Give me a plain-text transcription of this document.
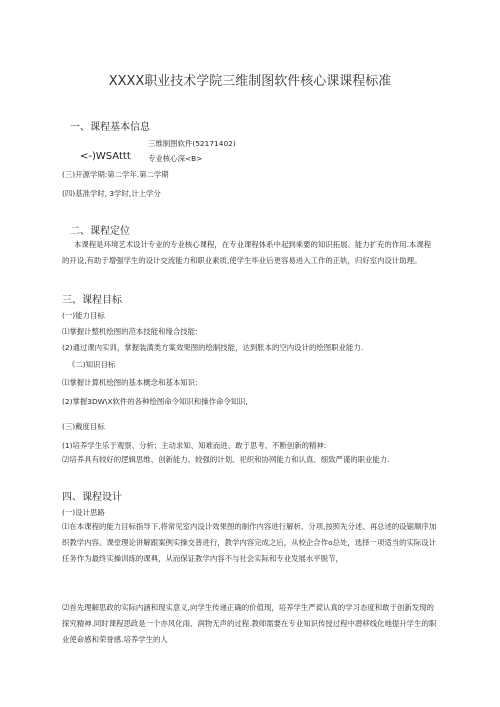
XXXX职业技术学院三维制图软件核心课课程标准
一、课程基本信息
三维制图软件(52171402)
<-)WSAttt 专业核心深<B>
(三)开源学期:第二学年.第二学期
(四)基准学时, 3学时,计上学分
二、课程定位
本课程是环境艺术设计专业的专业核心课程，在专业课程体系中起到乘要的知识拓展、能力扩充的作用.本课程的开设,有助于增强学生的设计交流能力和职业素质,使学生毕业后更容易进入工作的正轨，归好室内设计助理。
三、课程目标
(一)能力目标
⑴掌握计整机绘图的范本技能和缘合技能:
(2)通过课内实训，掌握装潢类方案效果图的绘制技能，达到胀本的空内设计的绘图职业能力.
《二)知识目标
⑴掌握计算机绘图的基本概念和基本知识:
(2)掌握3DW\X软件的各种绘图命令知识和操作命令知识,
(三)戴度目标
(1)培养学生乐于观察、分析；主动求知、知难而进、敢于思考、不断创新的精神:
⑵培养具有较好的逻辑思维、创新能力、较强的计划、祀织和协网能力和认真、细致严谨的职业能力.
四、课程设计
(一)设计思路
⑴在本课程的能力目标指导下,将常见室内设计效果图的制作内容进行解析、分项,按照先分述、再总述的设锯顺序加织教学内容。课堂理论讲解跟案例实操交普进行，教学内容完成之后，从校企合作o总处，选择一项适当的实际设计任务作为最终实操训练的课典，从而保证教学内容不与社会实际和专业发展水平脱节，
⑵首先理解思政的实际内涵和现实意义,向学生传递正确的价值现，培养学生严谠认真的学习态度和敢于创新发现的探究精神.同时课程思政是一个亦风化雨、润物无声的过程.教师需要在专业知识传授过程中潜移线化地提升学生的职业使命感和荣誉感.培养学生的人
